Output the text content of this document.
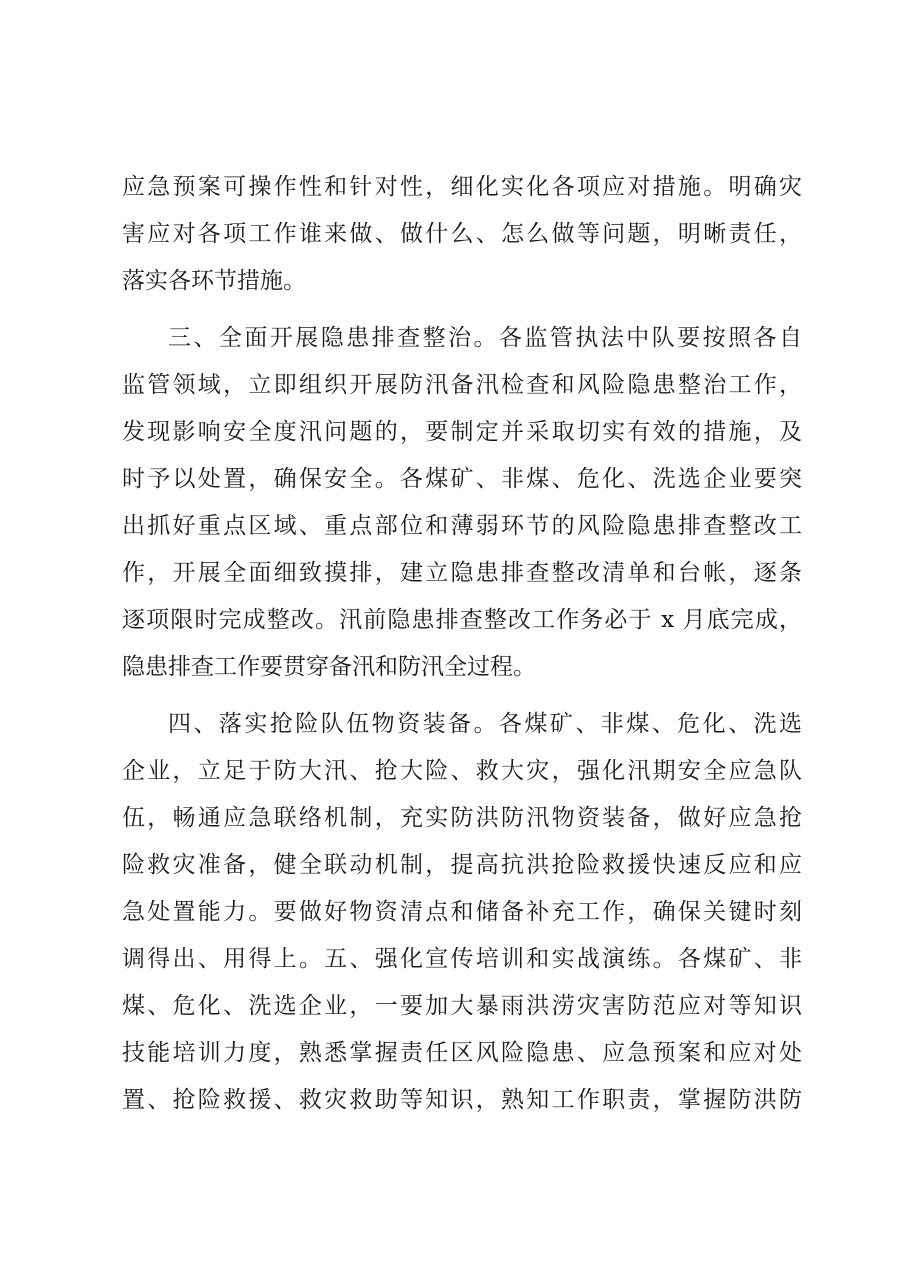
应急预案可操作性和针对性，细化实化各项应对措施。明确灾
害应对各项工作谁来做、做什么、怎么做等问题，明晰责任，
落实各环节措施。
三、全面开展隐患排查整治。各监管执法中队要按照各自
监管领域，立即组织开展防汛备汛检查和风险隐患整治工作，
发现影响安全度汛问题的，要制定并采取切实有效的措施，及
时予以处置，确保安全。各煤矿、非煤、危化、洗选企业要突
出抓好重点区域、重点部位和薄弱环节的风险隐患排查整改工
作，开展全面细致摸排，建立隐患排查整改清单和台帐，逐条
逐项限时完成整改。汛前隐患排查整改工作务必于 x 月底完成，
隐患排查工作要贯穿备汛和防汛全过程。
四、落实抢险队伍物资装备。各煤矿、非煤、危化、洗选
企业，立足于防大汛、抢大险、救大灾，强化汛期安全应急队
伍，畅通应急联络机制，充实防洪防汛物资装备，做好应急抢
险救灾准备，健全联动机制，提高抗洪抢险救援快速反应和应
急处置能力。要做好物资清点和储备补充工作，确保关键时刻
调得出、用得上。五、强化宣传培训和实战演练。各煤矿、非
煤、危化、洗选企业，一要加大暴雨洪涝灾害防范应对等知识
技能培训力度，熟悉掌握责任区风险隐患、应急预案和应对处
置、抢险救援、救灾救助等知识，熟知工作职责，掌握防洪防
